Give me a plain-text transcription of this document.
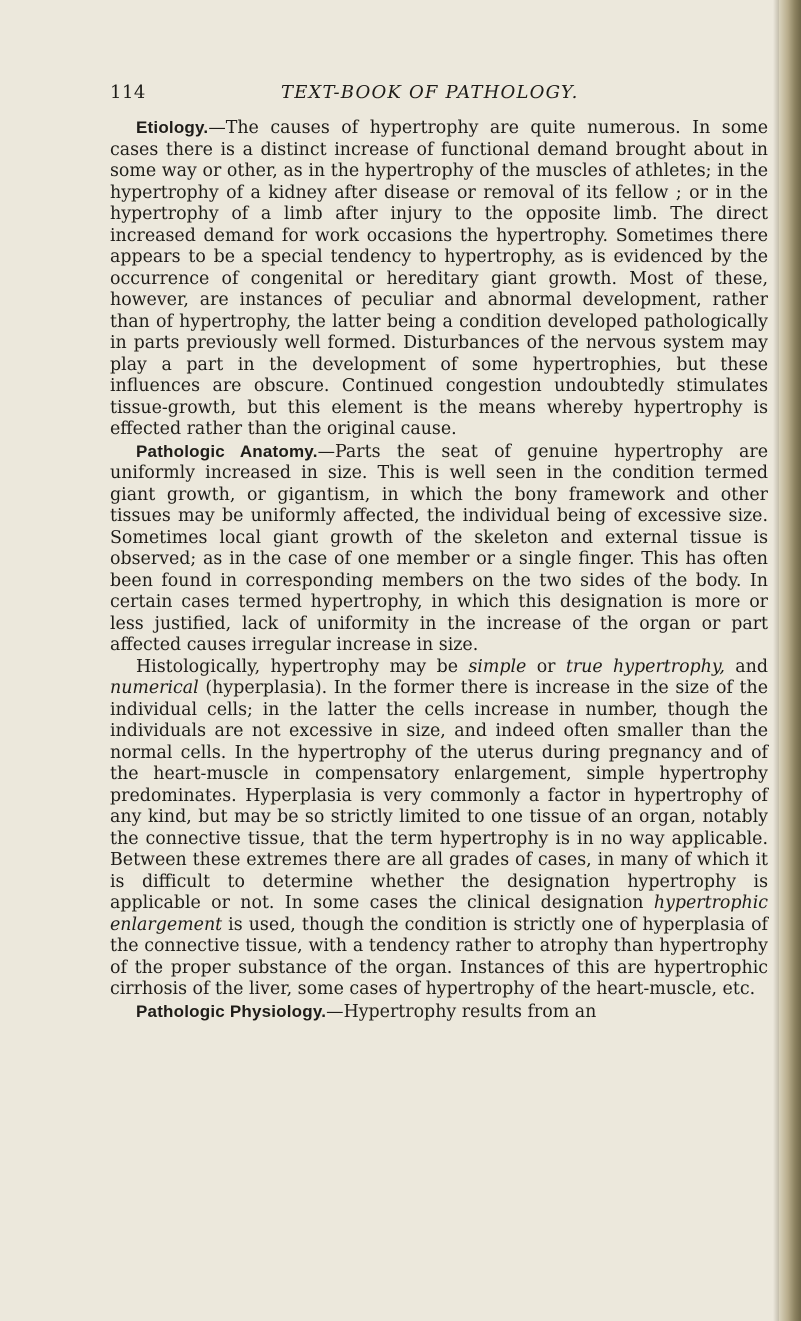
114	TEXT-BOOK OF PATHOLOGY.

Etiology.—The causes of hypertrophy are quite numerous. In some cases there is a distinct increase of functional demand brought about in some way or other, as in the hypertrophy of the muscles of athletes; in the hypertrophy of a kidney after disease or removal of its fellow ; or in the hypertrophy of a limb after injury to the opposite limb. The direct increased demand for work occasions the hypertrophy. Sometimes there appears to be a special tendency to hypertrophy, as is evidenced by the occurrence of congenital or hereditary giant growth. Most of these, however, are instances of peculiar and abnormal development, rather than of hypertrophy, the latter being a condition developed pathologically in parts previously well formed. Disturbances of the nervous system may play a part in the development of some hypertrophies, but these influences are obscure. Continued congestion undoubtedly stimulates tissue-growth, but this element is the means whereby hypertrophy is effected rather than the original cause.

Pathologic Anatomy.—Parts the seat of genuine hypertrophy are uniformly increased in size. This is well seen in the condition termed giant growth, or gigantism, in which the bony framework and other tissues may be uniformly affected, the individual being of excessive size. Sometimes local giant growth of the skeleton and external tissue is observed; as in the case of one member or a single finger. This has often been found in corresponding members on the two sides of the body. In certain cases termed hypertrophy, in which this designation is more or less justified, lack of uniformity in the increase of the organ or part affected causes irregular increase in size.

Histologically, hypertrophy may be simple or true hypertrophy, and numerical (hyperplasia). In the former there is increase in the size of the individual cells; in the latter the cells increase in number, though the individuals are not excessive in size, and indeed often smaller than the normal cells. In the hypertrophy of the uterus during pregnancy and of the heart-muscle in compensatory enlargement, simple hypertrophy predominates. Hyperplasia is very commonly a factor in hypertrophy of any kind, but may be so strictly limited to one tissue of an organ, notably the connective tissue, that the term hypertrophy is in no way applicable. Between these extremes there are all grades of cases, in many of which it is difficult to determine whether the designation hypertrophy is applicable or not. In some cases the clinical designation hypertrophic enlargement is used, though the condition is strictly one of hyperplasia of the connective tissue, with a tendency rather to atrophy than hypertrophy of the proper substance of the organ. Instances of this are hypertrophic cirrhosis of the liver, some cases of hypertrophy of the heart-muscle, etc.

Pathologic Physiology.—Hypertrophy results from an
